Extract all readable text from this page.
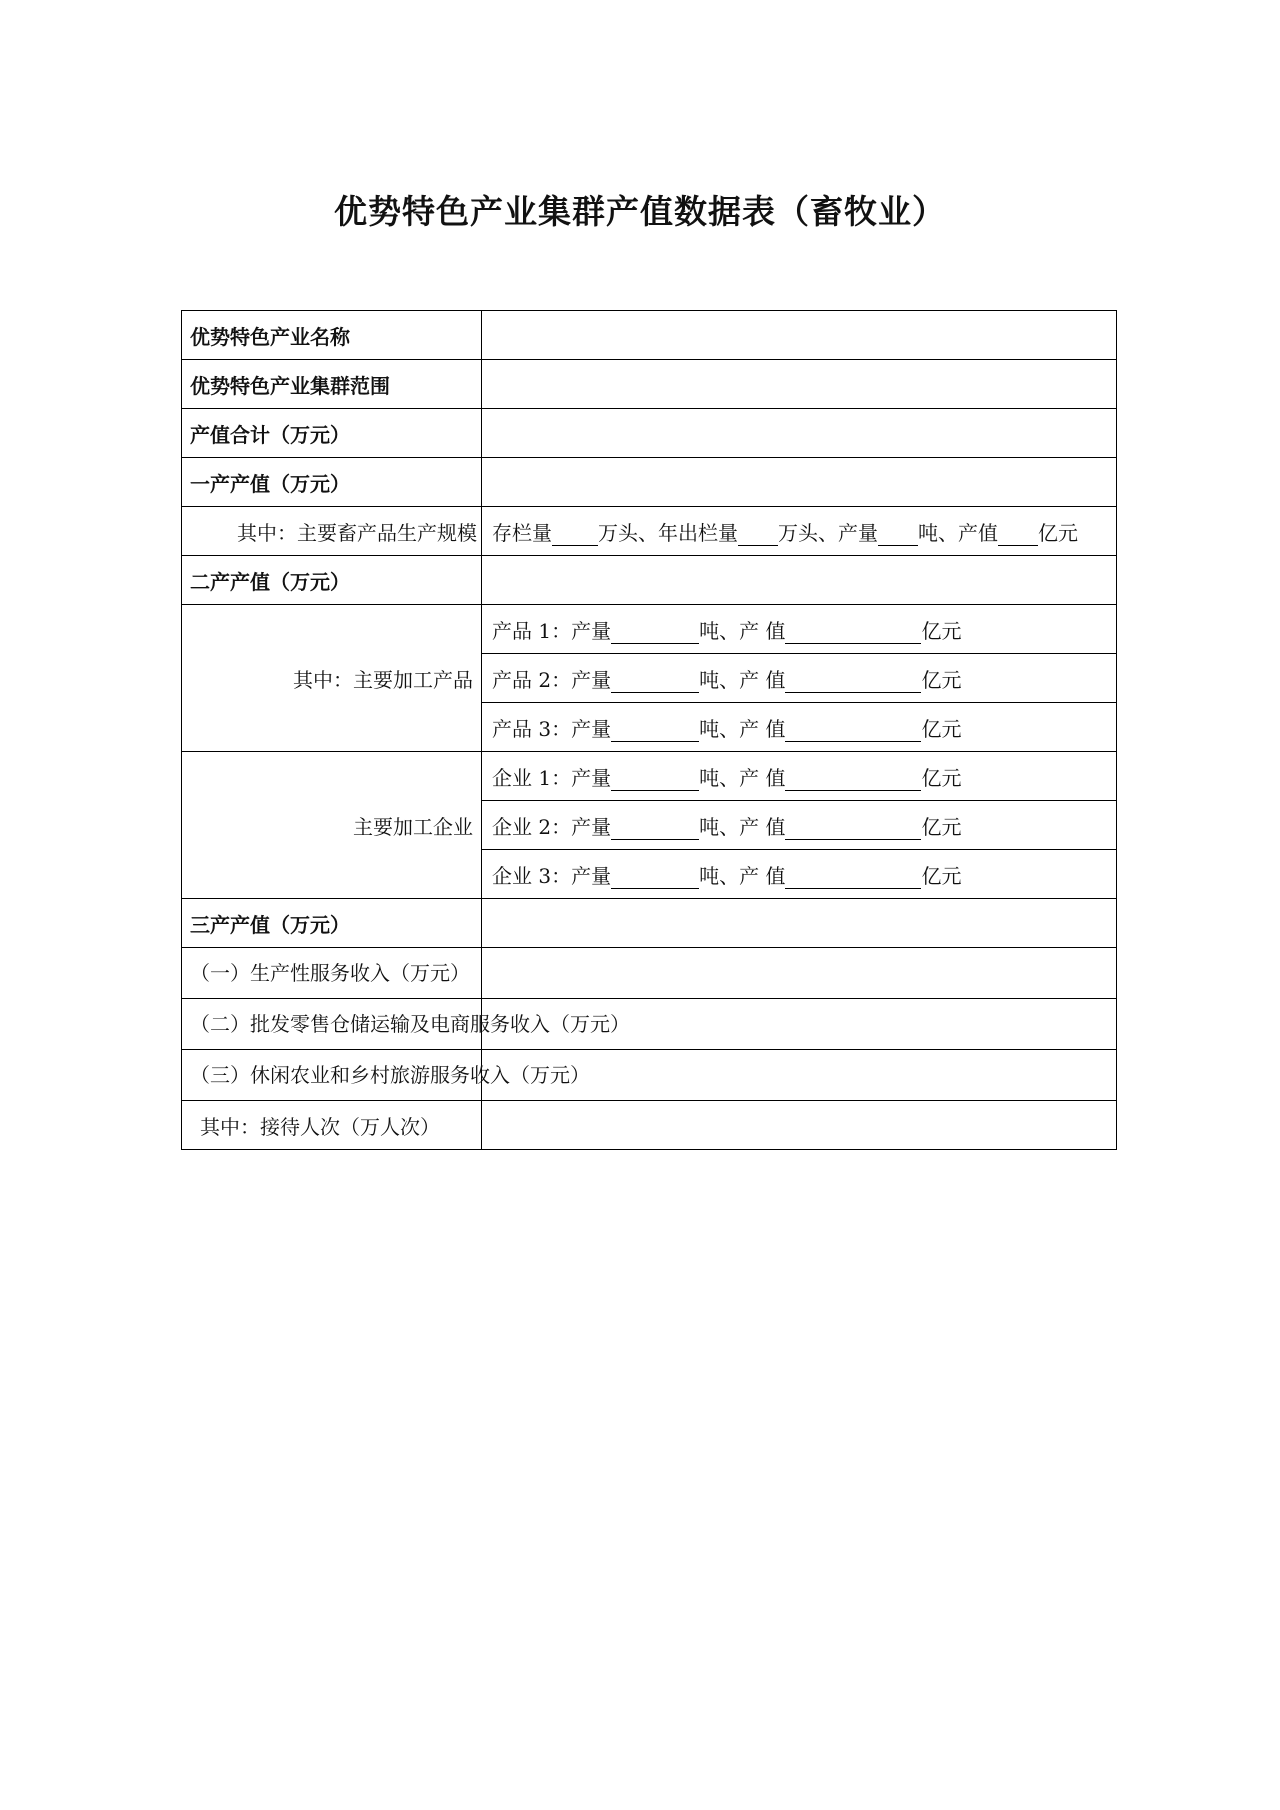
优势特色产业集群产值数据表（畜牧业）
优势特色产业名称	
优势特色产业集群范围	
产值合计（万元）	
一产产值（万元）	
其中：主要畜产品生产规模	存栏量 万头、年出栏量 万头、产量 吨、产值 亿元
二产产值（万元）	
其中：主要加工产品	产品 1：产量 吨、产 值 亿元
	产品 2：产量 吨、产 值 亿元
	产品 3：产量 吨、产 值 亿元
主要加工企业	企业 1：产量 吨、产 值 亿元
	企业 2：产量 吨、产 值 亿元
	企业 3：产量 吨、产 值 亿元
三产产值（万元）	
（一）生产性服务收入（万元）	
（二）批发零售仓储运输及电商服务收入（万元）	
（三）休闲农业和乡村旅游服务收入（万元）	
其中：接待人次（万人次）	
